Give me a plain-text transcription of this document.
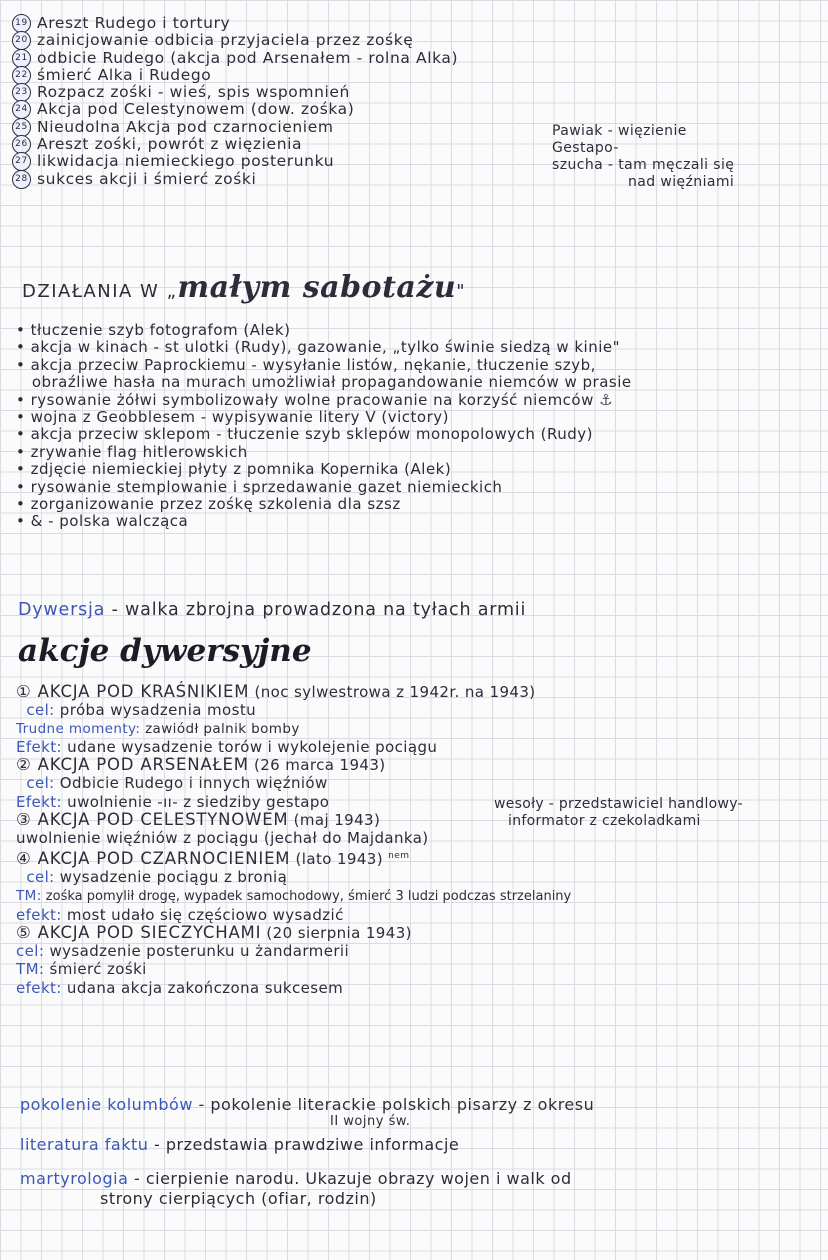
19 Areszt Rudego i tortury
20 zainicjowanie odbicia przyjaciela przez zośkę
21 odbicie Rudego (akcja pod Arsenałem - rolna Alka)
22 śmierć Alka i Rudego
23 Rozpacz zośki - wieś, spis wspomnień
24 Akcja pod Celestynowem (dow. zośka)
25 Nieudolna Akcja pod czarnocieniem
26 Areszt zośki, powrót z więzienia
27 likwidacja niemieckiego posterunku
28 sukces akcji i śmierć zośki
Pawiak - więzienie
Gestapo-
szucha - tam męczali się
nad więźniami
DZIAŁANIA W „małym sabotażu"
• tłuczenie szyb fotografom (Alek)
• akcja w kinach - st ulotki (Rudy), gazowanie, „tylko świnie siedzą w kinie"
• akcja przeciw Paprockiemu - wysyłanie listów, nękanie, tłuczenie szyb,
obraźliwe hasła na murach umożliwiał propagandowanie niemców w prasie
• rysowanie żółwi symbolizowały wolne pracowanie na korzyść niemców ⚓
• wojna z Geobblesem - wypisywanie litery V (victory)
• akcja przeciw sklepom - tłuczenie szyb sklepów monopolowych (Rudy)
• zrywanie flag hitlerowskich
• zdjęcie niemieckiej płyty z pomnika Kopernika (Alek)
• rysowanie stemplowanie i sprzedawanie gazet niemieckich
• zorganizowanie przez zośkę szkolenia dla szsz
• & - polska walcząca
Dywersja - walka zbrojna prowadzona na tyłach armii
akcje dywersyjne
① AKCJA POD KRAŚNIKIEM (noc sylwestrowa z 1942r. na 1943)
cel: próba wysadzenia mostu
Trudne momenty: zawiódł palnik bomby
Efekt: udane wysadzenie torów i wykolejenie pociągu
② AKCJA POD ARSENAŁEM (26 marca 1943)
cel: Odbicie Rudego i innych więźniów
Efekt: uwolnienie -ıı- z siedziby gestapo
③ AKCJA POD CELESTYNOWEM (maj 1943)
uwolnienie więźniów z pociągu (jechał do Majdanka)
④ AKCJA POD CZARNOCIENIEM (lato 1943) $^{nem}$
cel: wysadzenie pociągu z bronią
TM: zośka pomylił drogę, wypadek samochodowy, śmierć 3 ludzi podczas strzelaniny
efekt: most udało się częściowo wysadzić
⑤ AKCJA POD SIECZYCHAMI (20 sierpnia 1943)
cel: wysadzenie posterunku u żandarmerii
TM: śmierć zośki
efekt: udana akcja zakończona sukcesem
wesoły - przedstawiciel handlowy-
informator z czekoladkami
pokolenie kolumbów - pokolenie literackie polskich pisarzy z okresu
II wojny św.
literatura faktu - przedstawia prawdziwe informacje
martyrologia - cierpienie narodu. Ukazuje obrazy wojen i walk od
strony cierpiących (ofiar, rodzin)
